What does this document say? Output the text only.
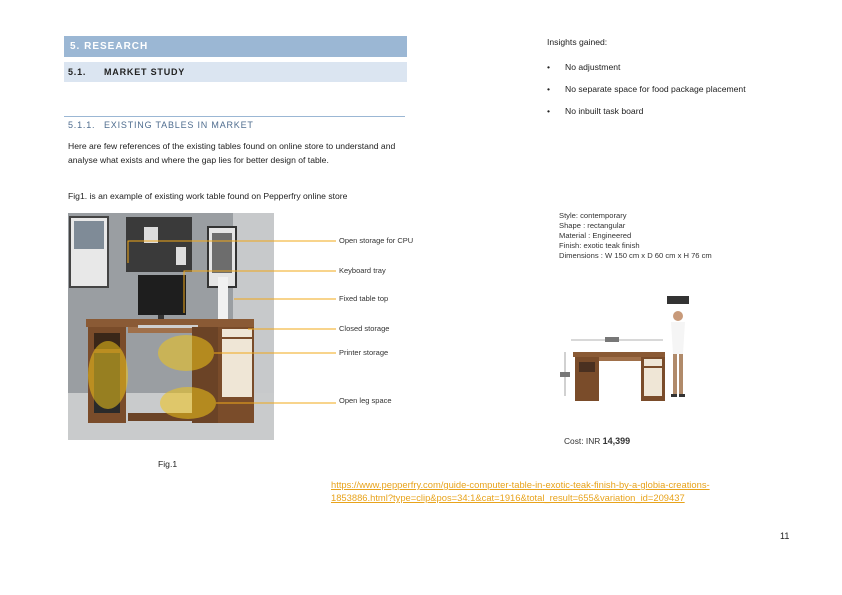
5. RESEARCH
5.1. MARKET STUDY
5.1.1. EXISTING TABLES IN MARKET
Here are few references of the existing tables found on online store to understand and analyse what exists and where the gap lies for better design of table.
Fig1. is an example of existing work table found on Pepperfry online store
Open storage for CPU
Keyboard tray
Fixed table top
Closed storage
Printer storage
Open leg space
Fig.1
Insights gained:
• No adjustment
• No separate space for food package placement
• No inbuilt task board
Style: contemporary
Shape : rectangular
Material : Engineered
Finish: exotic teak finish
Dimensions : W 150 cm x D 60 cm x H 76 cm
Cost: INR 14,399
https://www.pepperfry.com/guide-computer-table-in-exotic-teak-finish-by-a-globia-creations-1853886.html?type=clip&pos=34:1&cat=1916&total_result=655&variation_id=209437
11
